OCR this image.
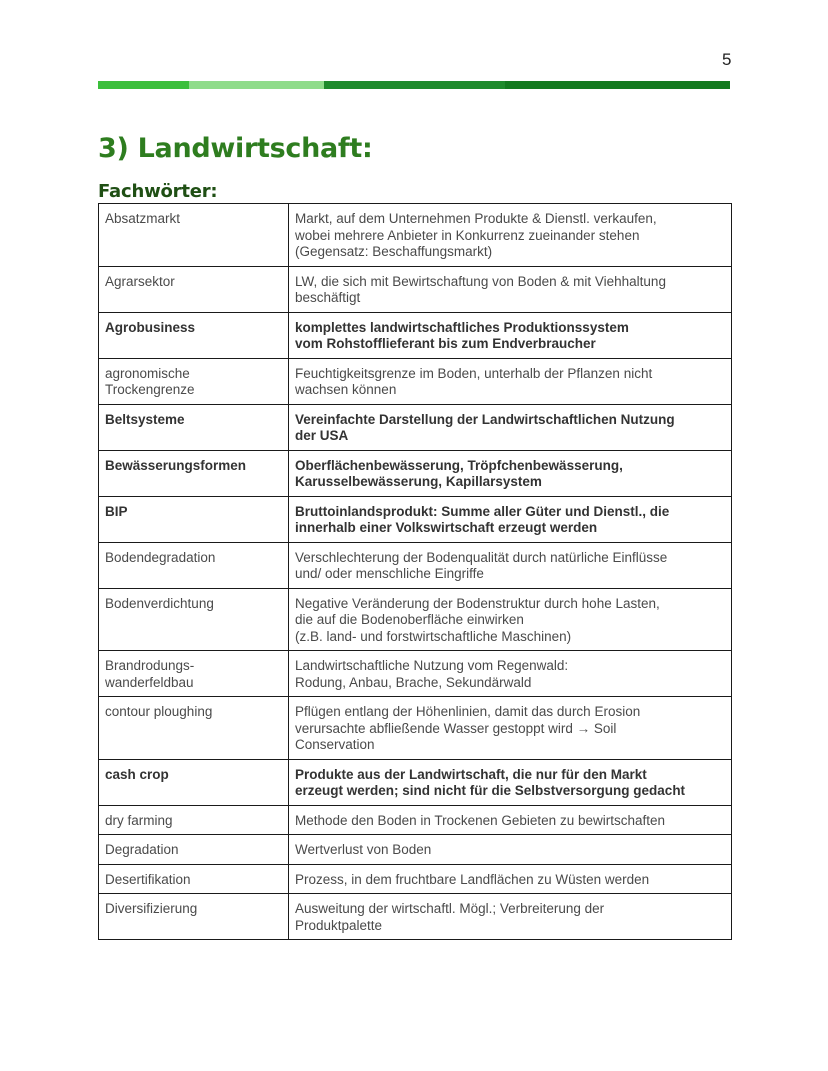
5
3) Landwirtschaft:
Fachwörter:
Absatzmarkt	Markt, auf dem Unternehmen Produkte & Dienstl. verkaufen,
wobei mehrere Anbieter in Konkurrenz zueinander stehen
(Gegensatz: Beschaffungsmarkt)
Agrarsektor	LW, die sich mit Bewirtschaftung von Boden & mit Viehhaltung
beschäftigt
Agrobusiness	komplettes landwirtschaftliches Produktionssystem
vom Rohstofflieferant bis zum Endverbraucher
agronomische
Trockengrenze	Feuchtigkeitsgrenze im Boden, unterhalb der Pflanzen nicht
wachsen können
Beltsysteme	Vereinfachte Darstellung der Landwirtschaftlichen Nutzung
der USA
Bewässerungsformen	Oberflächenbewässerung, Tröpfchenbewässerung,
Karusselbewässerung, Kapillarsystem
BIP	Bruttoinlandsprodukt: Summe aller Güter und Dienstl., die
innerhalb einer Volkswirtschaft erzeugt werden
Bodendegradation	Verschlechterung der Bodenqualität durch natürliche Einflüsse
und/ oder menschliche Eingriffe
Bodenverdichtung	Negative Veränderung der Bodenstruktur durch hohe Lasten,
die auf die Bodenoberfläche einwirken
(z.B. land- und forstwirtschaftliche Maschinen)
Brandrodungs-
wanderfeldbau	Landwirtschaftliche Nutzung vom Regenwald:
Rodung, Anbau, Brache, Sekundärwald
contour ploughing	Pflügen entlang der Höhenlinien, damit das durch Erosion
verursachte abfließende Wasser gestoppt wird → Soil
Conservation
cash crop	Produkte aus der Landwirtschaft, die nur für den Markt
erzeugt werden; sind nicht für die Selbstversorgung gedacht
dry farming	Methode den Boden in Trockenen Gebieten zu bewirtschaften
Degradation	Wertverlust von Boden
Desertifikation	Prozess, in dem fruchtbare Landflächen zu Wüsten werden
Diversifizierung	Ausweitung der wirtschaftl. Mögl.; Verbreiterung der
Produktpalette
